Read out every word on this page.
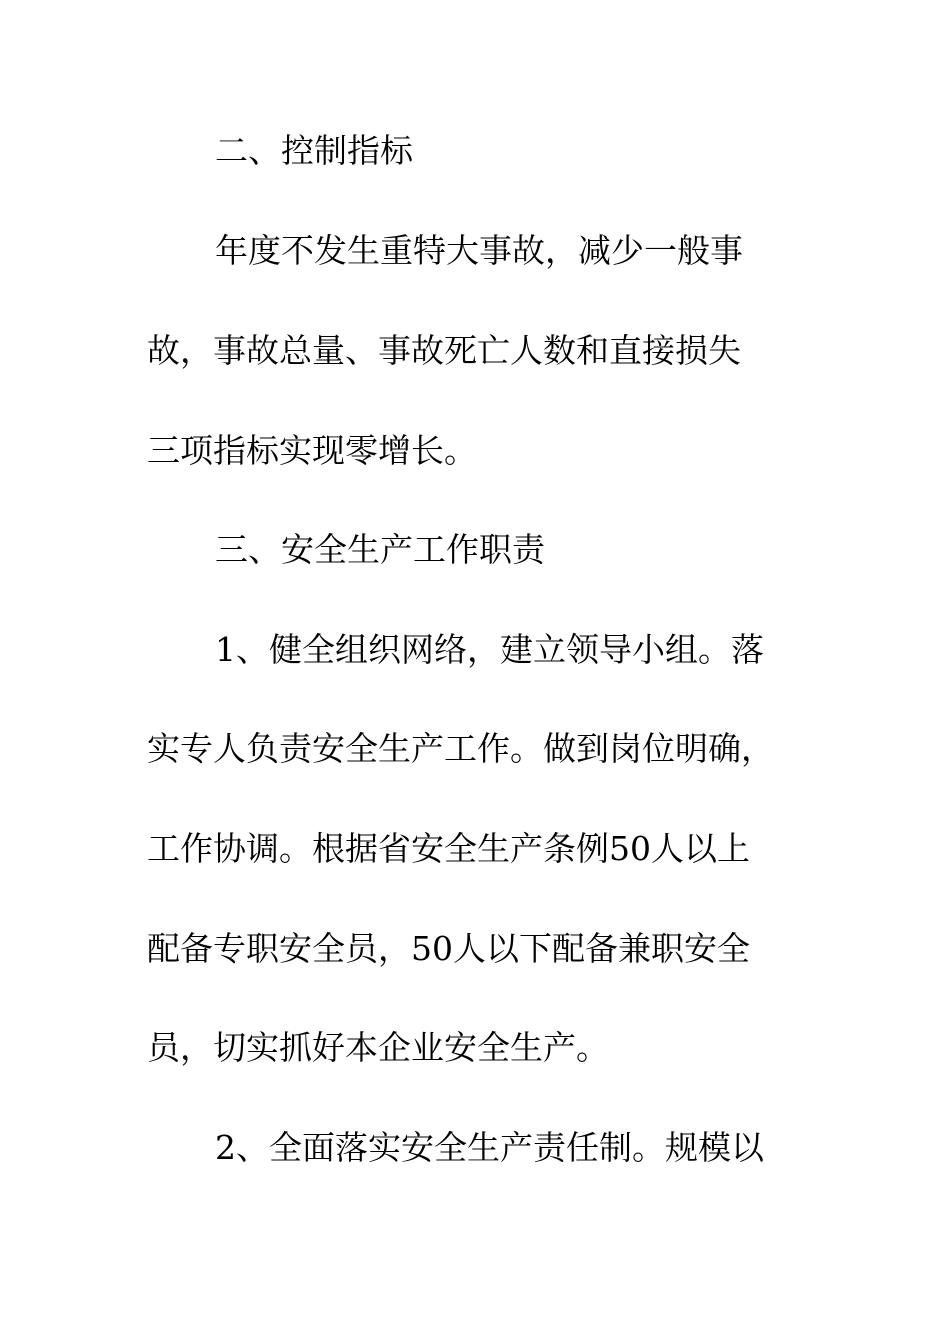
二、控制指标
年度不发生重特大事故，减少一般事
故，事故总量、事故死亡人数和直接损失
三项指标实现零增长。
三、安全生产工作职责
1、健全组织网络，建立领导小组。落
实专人负责安全生产工作。做到岗位明确，
工作协调。根据省安全生产条例50人以上
配备专职安全员，50人以下配备兼职安全
员，切实抓好本企业安全生产。
2、全面落实安全生产责任制。规模以
